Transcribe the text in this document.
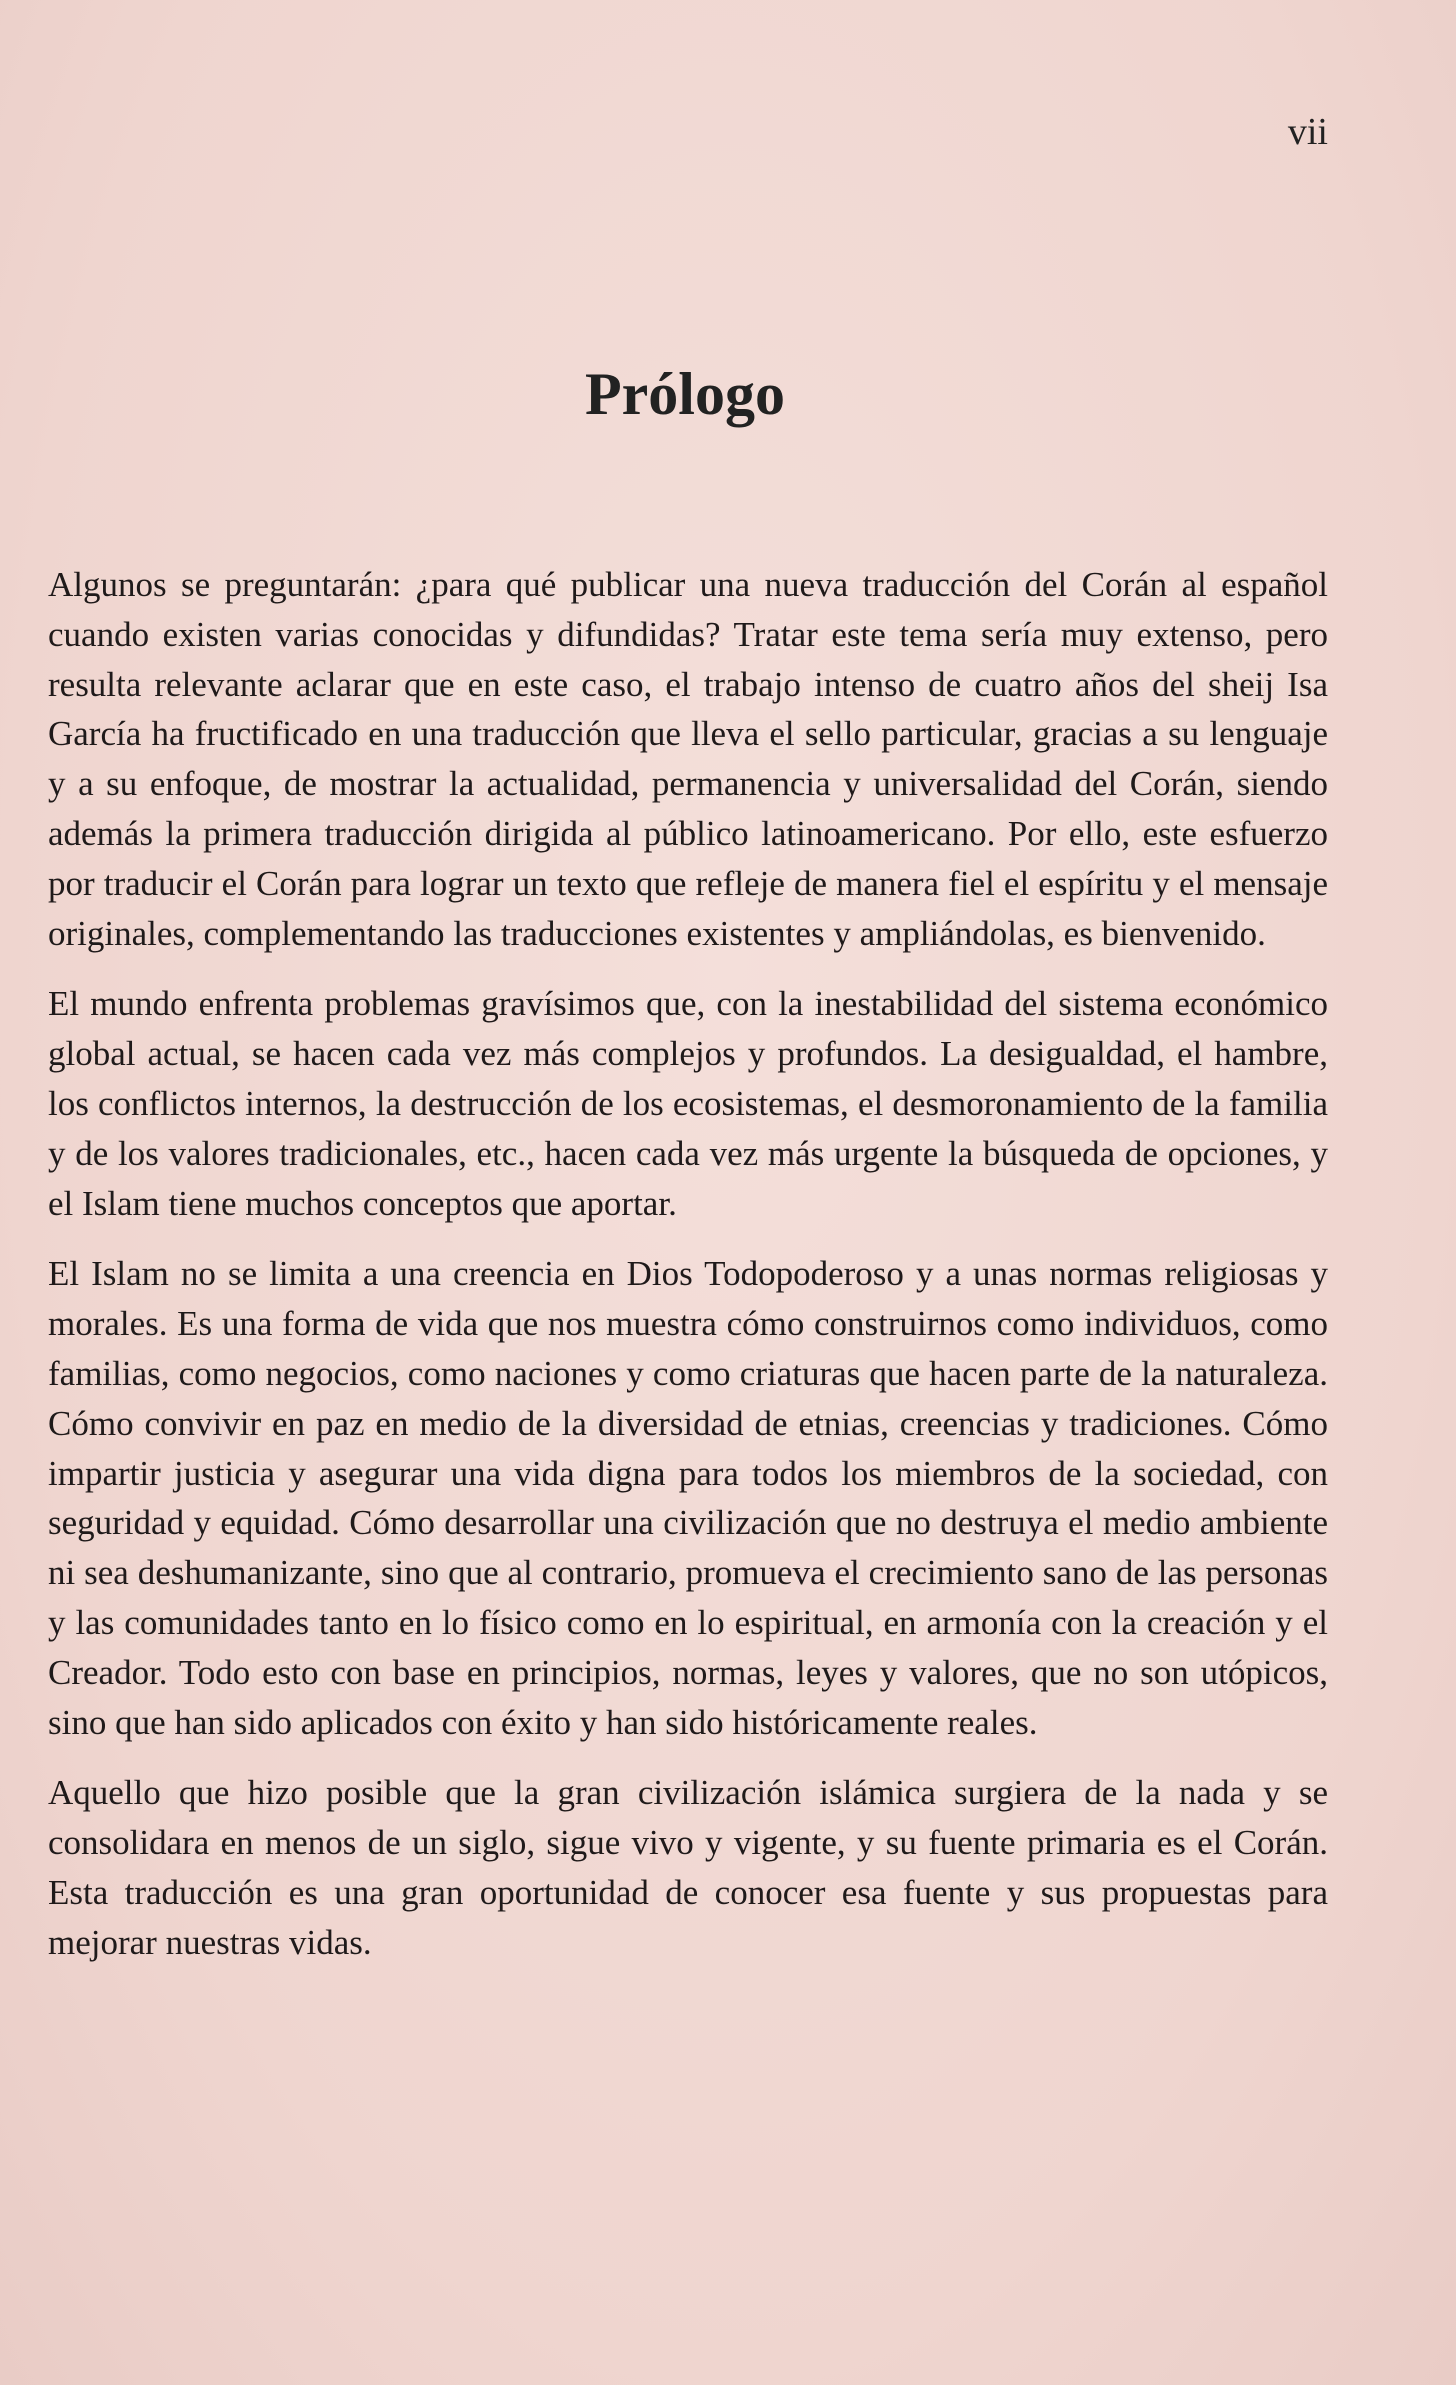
vii
Prólogo

Algunos se preguntarán: ¿para qué publicar una nueva traducción del Corán al español cuando existen varias conocidas y difundidas? Tratar este tema sería muy extenso, pero resulta relevante aclarar que en este caso, el trabajo intenso de cuatro años del sheij Isa García ha fructificado en una traducción que lleva el sello particular, gracias a su lenguaje y a su enfoque, de mostrar la actualidad, permanencia y universalidad del Corán, siendo además la primera traducción dirigida al público latinoamericano. Por ello, este esfuerzo por traducir el Corán para lograr un texto que refleje de manera fiel el espíritu y el mensaje originales, complementando las traducciones existentes y ampliándolas, es bienvenido.

El mundo enfrenta problemas gravísimos que, con la inestabilidad del sistema económico global actual, se hacen cada vez más complejos y profundos. La desigualdad, el hambre, los conflictos internos, la destrucción de los ecosistemas, el desmoronamiento de la familia y de los valores tradicionales, etc., hacen cada vez más urgente la búsqueda de opciones, y el Islam tiene muchos conceptos que aportar.

El Islam no se limita a una creencia en Dios Todopoderoso y a unas normas religiosas y morales. Es una forma de vida que nos muestra cómo construirnos como individuos, como familias, como negocios, como naciones y como criaturas que hacen parte de la naturaleza. Cómo convivir en paz en medio de la diversidad de etnias, creencias y tradiciones. Cómo impartir justicia y asegurar una vida digna para todos los miembros de la sociedad, con seguridad y equidad. Cómo desarrollar una civilización que no destruya el medio ambiente ni sea deshumanizante, sino que al contrario, promueva el crecimiento sano de las personas y las comunidades tanto en lo físico como en lo espiritual, en armonía con la creación y el Creador. Todo esto con base en principios, normas, leyes y valores, que no son utópicos, sino que han sido aplicados con éxito y han sido históricamente reales.

Aquello que hizo posible que la gran civilización islámica surgiera de la nada y se consolidara en menos de un siglo, sigue vivo y vigente, y su fuente primaria es el Corán. Esta traducción es una gran oportunidad de conocer esa fuente y sus propuestas para mejorar nuestras vidas.
